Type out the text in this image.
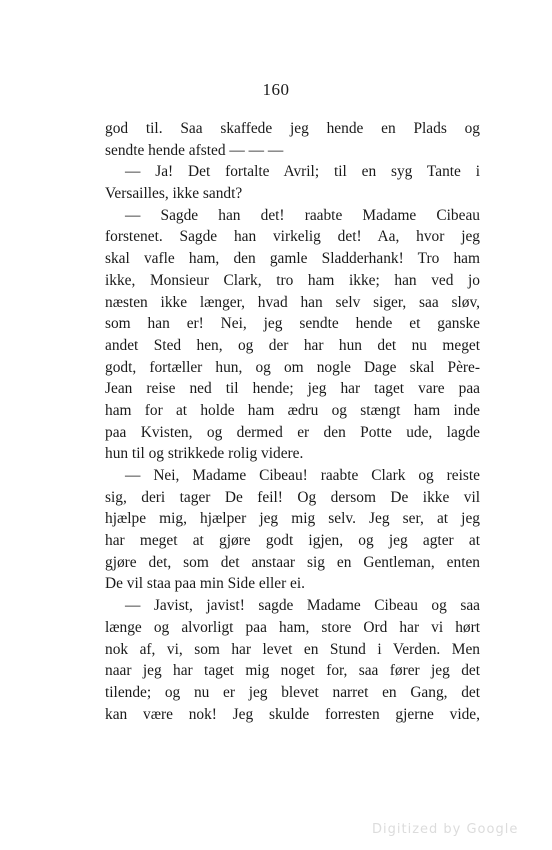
160
god til. Saa skaffede jeg hende en Plads og
sendte hende afsted — — —
— Ja! Det fortalte Avril; til en syg Tante i
Versailles, ikke sandt?
— Sagde han det! raabte Madame Cibeau
forstenet. Sagde han virkelig det! Aa, hvor jeg
skal vafle ham, den gamle Sladderhank! Tro ham
ikke, Monsieur Clark, tro ham ikke; han ved jo
næsten ikke længer, hvad han selv siger, saa sløv,
som han er! Nei, jeg sendte hende et ganske
andet Sted hen, og der har hun det nu meget
godt, fortæller hun, og om nogle Dage skal Père-
Jean reise ned til hende; jeg har taget vare paa
ham for at holde ham ædru og stængt ham inde
paa Kvisten, og dermed er den Potte ude, lagde
hun til og strikkede rolig videre.
— Nei, Madame Cibeau! raabte Clark og reiste
sig, deri tager De feil! Og dersom De ikke vil
hjælpe mig, hjælper jeg mig selv. Jeg ser, at jeg
har meget at gjøre godt igjen, og jeg agter at
gjøre det, som det anstaar sig en Gentleman, enten
De vil staa paa min Side eller ei.
— Javist, javist! sagde Madame Cibeau og saa
længe og alvorligt paa ham, store Ord har vi hørt
nok af, vi, som har levet en Stund i Verden. Men
naar jeg har taget mig noget for, saa fører jeg det
tilende; og nu er jeg blevet narret en Gang, det
kan være nok! Jeg skulde forresten gjerne vide,
Digitized by Google
